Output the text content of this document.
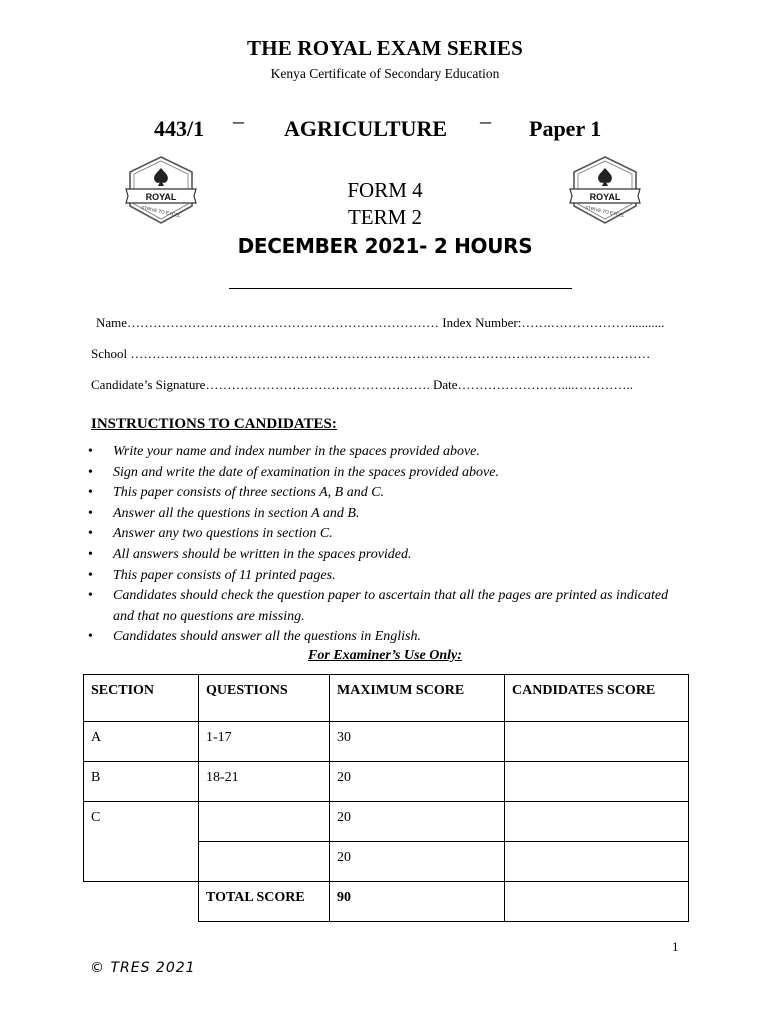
THE ROYAL EXAM SERIES
Kenya Certificate of Secondary Education
443/1 – AGRICULTURE – Paper 1
ROYAL
STRIVE TO EXCEL
ROYAL
STRIVE TO EXCEL
FORM 4
TERM 2
DECEMBER 2021- 2 HOURS
Name……………………………………………………………… Index Number:…….………………...........
School …………………………………………………………………………………………………………
Candidate’s Signature……………………………………………. Date……………………....…………..
INSTRUCTIONS TO CANDIDATES:
• Write your name and index number in the spaces provided above.
• Sign and write the date of examination in the spaces provided above.
• This paper consists of three sections A, B and C.
• Answer all the questions in section A and B.
• Answer any two questions in section C.
• All answers should be written in the spaces provided.
• This paper consists of 11 printed pages.
• Candidates should check the question paper to ascertain that all the pages are printed as indicated and that no questions are missing.
• Candidates should answer all the questions in English.
For Examiner’s Use Only:
SECTION	QUESTIONS	MAXIMUM SCORE	CANDIDATES SCORE
A	1-17	30	
B	18-21	20	
C		20	
		20	
	TOTAL SCORE	90	
1
© TRES 2021
